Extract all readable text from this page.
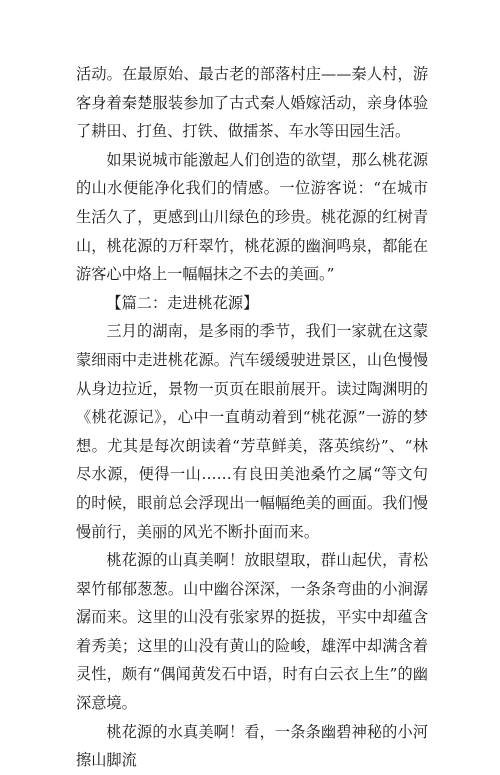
活动。在最原始、最古老的部落村庄——秦人村，游客身着秦楚服装参加了古式秦人婚嫁活动，亲身体验了耕田、打鱼、打铁、做擂茶、车水等田园生活。

如果说城市能激起人们创造的欲望，那么桃花源的山水便能净化我们的情感。一位游客说：“在城市生活久了，更感到山川绿色的珍贵。桃花源的红树青山，桃花源的万秆翠竹，桃花源的幽涧鸣泉，都能在游客心中烙上一幅幅抹之不去的美画。”

【篇二：走进桃花源】

三月的湖南，是多雨的季节，我们一家就在这蒙蒙细雨中走进桃花源。汽车缓缓驶进景区，山色慢慢从身边拉近，景物一页页在眼前展开。读过陶渊明的《桃花源记》，心中一直萌动着到“桃花源”一游的梦想。尤其是每次朗读着“芳草鲜美，落英缤纷”、“林尽水源，便得一山……有良田美池桑竹之属“等文句的时候，眼前总会浮现出一幅幅绝美的画面。我们慢慢前行，美丽的风光不断扑面而来。

桃花源的山真美啊！放眼望取，群山起伏，青松翠竹郁郁葱葱。山中幽谷深深，一条条弯曲的小涧潺潺而来。这里的山没有张家界的挺拔，平实中却蕴含着秀美；这里的山没有黄山的险峻，雄浑中却满含着灵性，颇有“偶闻黄发石中语，时有白云衣上生”的幽深意境。

桃花源的水真美啊！看，一条条幽碧神秘的小河擦山脚流
